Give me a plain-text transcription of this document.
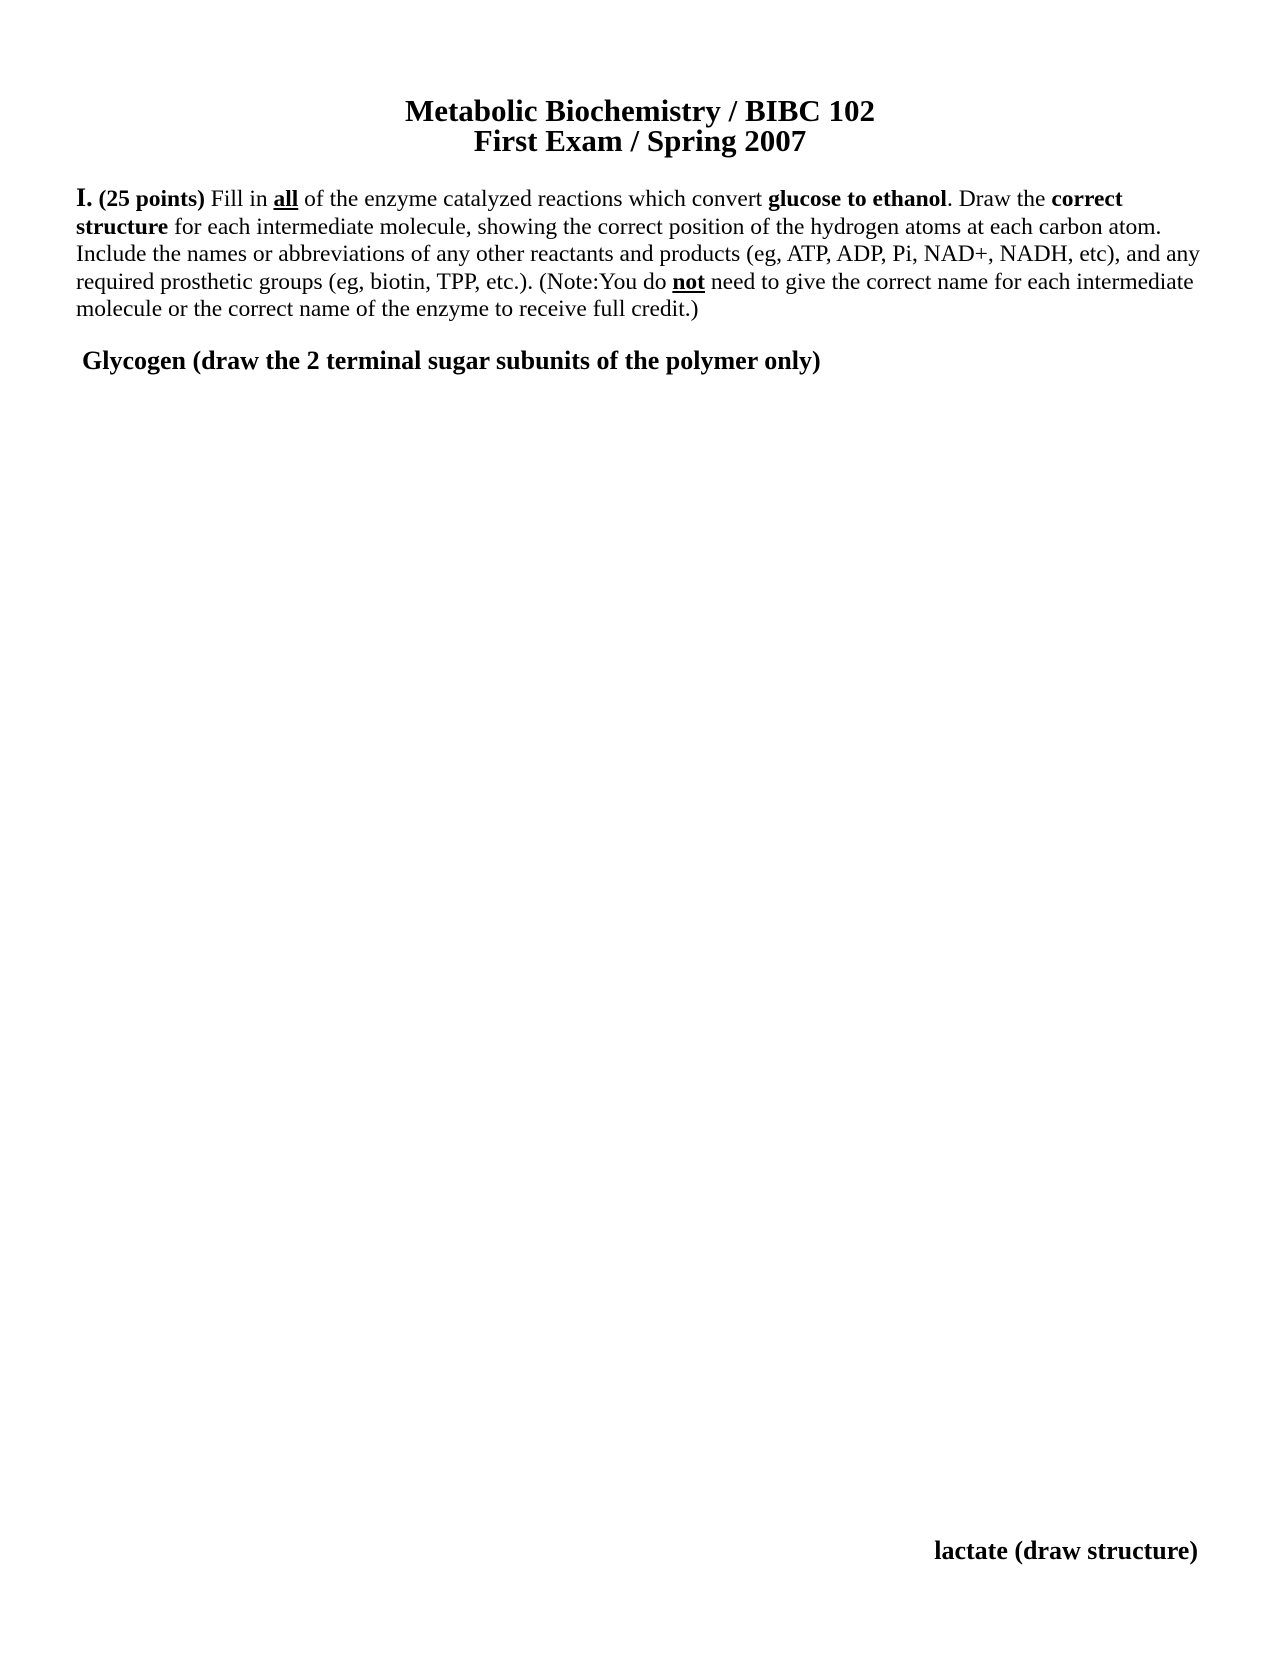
Metabolic Biochemistry / BIBC 102

First Exam / Spring 2007

I. (25 points) Fill in all of the enzyme catalyzed reactions which convert glucose to ethanol. Draw the correct structure for each intermediate molecule, showing the correct position of the hydrogen atoms at each carbon atom. Include the names or abbreviations of any other reactants and products (eg, ATP, ADP, Pi, NAD+, NADH, etc), and any required prosthetic groups (eg, biotin, TPP, etc.). (Note:You do not need to give the correct name for each intermediate molecule or the correct name of the enzyme to receive full credit.)

Glycogen (draw the 2 terminal sugar subunits of the polymer only)

lactate (draw structure)
